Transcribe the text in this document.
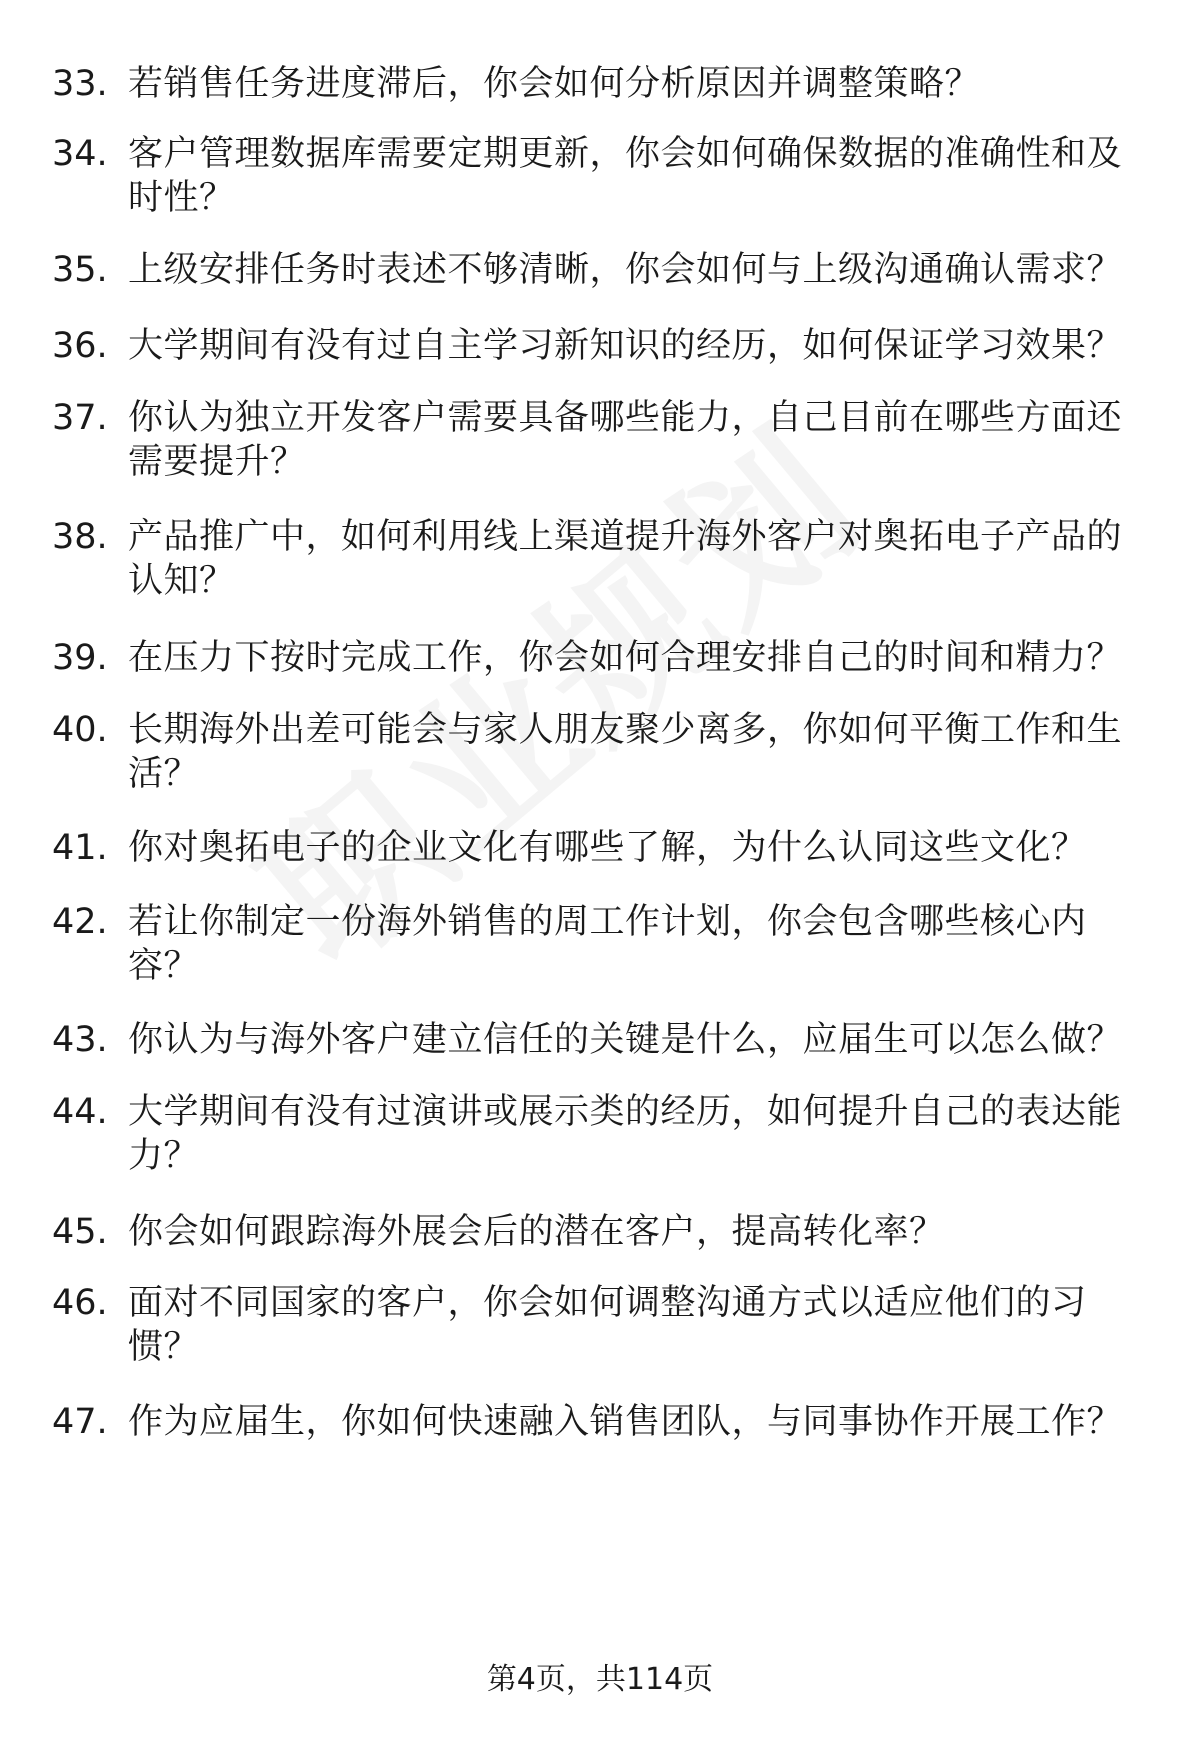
33. 若销售任务进度滞后，你会如何分析原因并调整策略？
34. 客户管理数据库需要定期更新，你会如何确保数据的准确性和及时性？
35. 上级安排任务时表述不够清晰，你会如何与上级沟通确认需求？
36. 大学期间有没有过自主学习新知识的经历，如何保证学习效果？
37. 你认为独立开发客户需要具备哪些能力，自己目前在哪些方面还需要提升？
38. 产品推广中，如何利用线上渠道提升海外客户对奥拓电子产品的认知？
39. 在压力下按时完成工作，你会如何合理安排自己的时间和精力？
40. 长期海外出差可能会与家人朋友聚少离多，你如何平衡工作和生活？
41. 你对奥拓电子的企业文化有哪些了解，为什么认同这些文化？
42. 若让你制定一份海外销售的周工作计划，你会包含哪些核心内容？
43. 你认为与海外客户建立信任的关键是什么，应届生可以怎么做？
44. 大学期间有没有过演讲或展示类的经历，如何提升自己的表达能力？
45. 你会如何跟踪海外展会后的潜在客户，提高转化率？
46. 面对不同国家的客户，你会如何调整沟通方式以适应他们的习惯？
47. 作为应届生，你如何快速融入销售团队，与同事协作开展工作？
第4页，共114页
